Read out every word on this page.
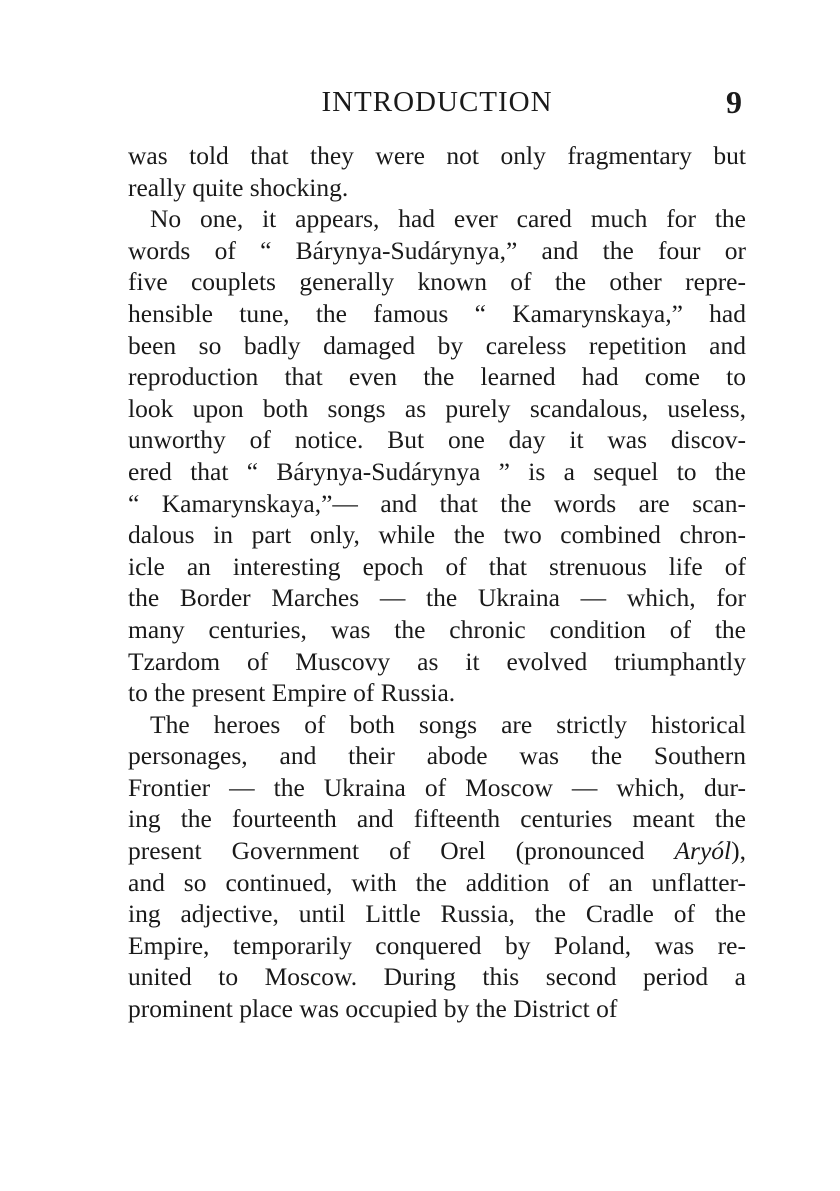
INTRODUCTION	9
was told that they were not only fragmentary but
really quite shocking.
No one, it appears, had ever cared much for the
words of “ Bárynya-Sudárynya,” and the four or
five couplets generally known of the other repre-
hensible tune, the famous “ Kamarynskaya,” had
been so badly damaged by careless repetition and
reproduction that even the learned had come to
look upon both songs as purely scandalous, useless,
unworthy of notice. But one day it was discov-
ered that “ Bárynya-Sudárynya ” is a sequel to the
“ Kamarynskaya,”— and that the words are scan-
dalous in part only, while the two combined chron-
icle an interesting epoch of that strenuous life of
the Border Marches — the Ukraina — which, for
many centuries, was the chronic condition of the
Tzardom of Muscovy as it evolved triumphantly
to the present Empire of Russia.
The heroes of both songs are strictly historical
personages, and their abode was the Southern
Frontier — the Ukraina of Moscow — which, dur-
ing the fourteenth and fifteenth centuries meant the
present Government of Orel (pronounced Aryól),
and so continued, with the addition of an unflatter-
ing adjective, until Little Russia, the Cradle of the
Empire, temporarily conquered by Poland, was re-
united to Moscow. During this second period a
prominent place was occupied by the District of
